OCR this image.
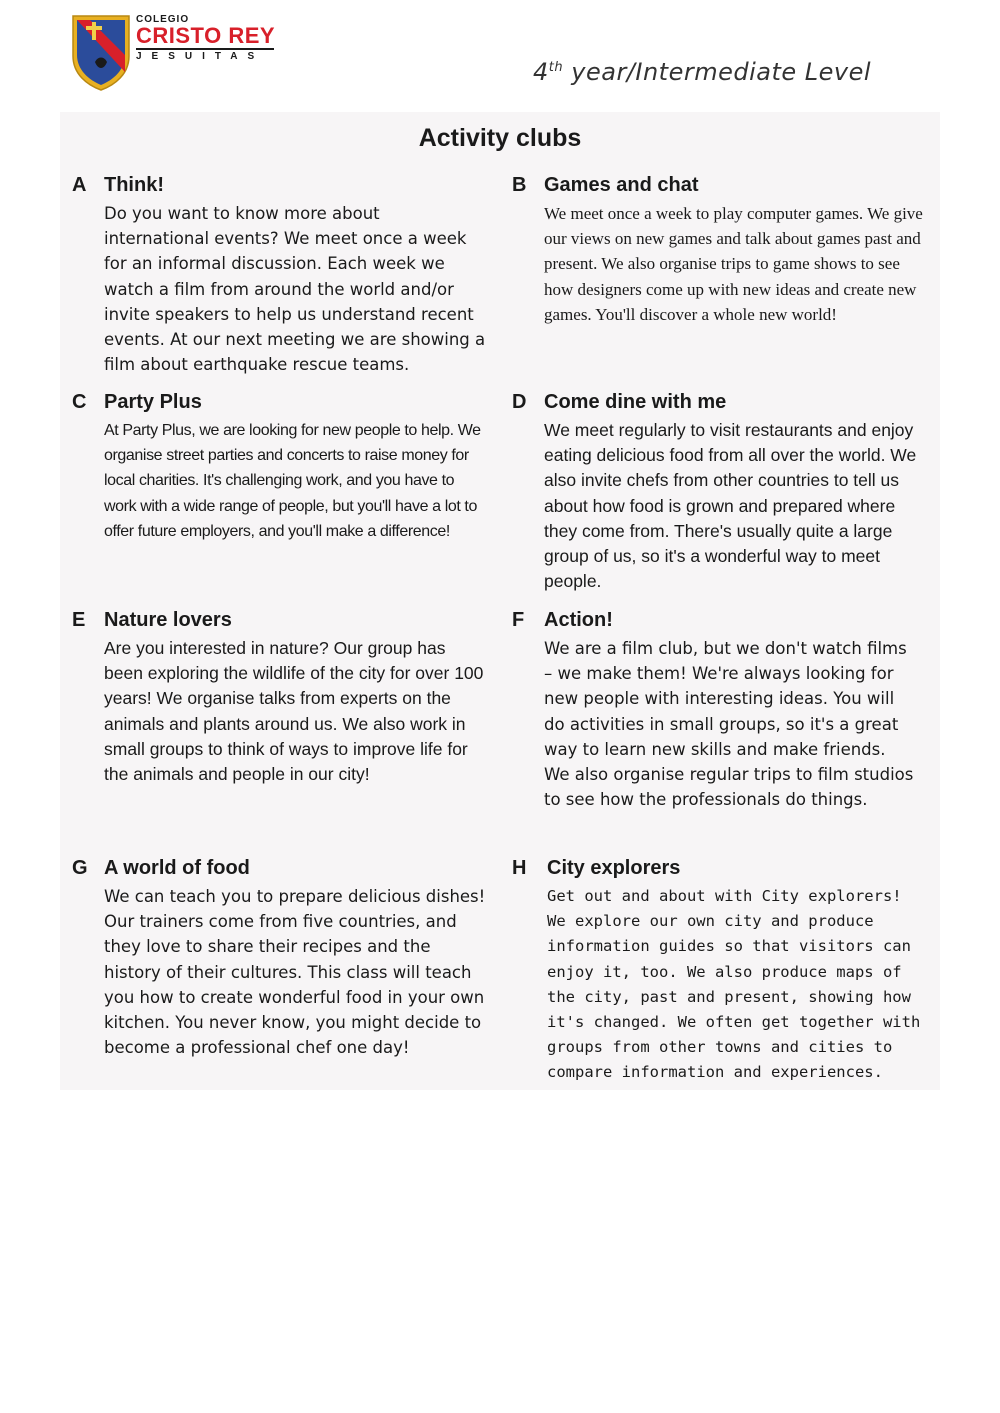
COLEGIO
CRISTO REY
JESUITAS
4th year/Intermediate Level
Activity clubs
A Think!
Do you want to know more about international events? We meet once a week for an informal discussion. Each week we watch a film from around the world and/or invite speakers to help us understand recent events. At our next meeting we are showing a film about earthquake rescue teams.
B Games and chat
We meet once a week to play computer games. We give our views on new games and talk about games past and present. We also organise trips to game shows to see how designers come up with new ideas and create new games. You'll discover a whole new world!
C Party Plus
At Party Plus, we are looking for new people to help. We organise street parties and concerts to raise money for local charities. It's challenging work, and you have to work with a wide range of people, but you'll have a lot to offer future employers, and you'll make a difference!
D Come dine with me
We meet regularly to visit restaurants and enjoy eating delicious food from all over the world. We also invite chefs from other countries to tell us about how food is grown and prepared where they come from. There's usually quite a large group of us, so it's a wonderful way to meet people.
E Nature lovers
Are you interested in nature? Our group has been exploring the wildlife of the city for over 100 years! We organise talks from experts on the animals and plants around us. We also work in small groups to think of ways to improve life for the animals and people in our city!
F Action!
We are a film club, but we don't watch films – we make them! We're always looking for new people with interesting ideas. You will do activities in small groups, so it's a great way to learn new skills and make friends. We also organise regular trips to film studios to see how the professionals do things.
G A world of food
We can teach you to prepare delicious dishes! Our trainers come from five countries, and they love to share their recipes and the history of their cultures. This class will teach you how to create wonderful food in your own kitchen. You never know, you might decide to become a professional chef one day!
H	City explorers
Get out and about with City explorers! We explore our own city and produce information guides so that visitors can enjoy it, too. We also produce maps of the city, past and present, showing how it's changed. We often get together with groups from other towns and cities to compare information and experiences.
